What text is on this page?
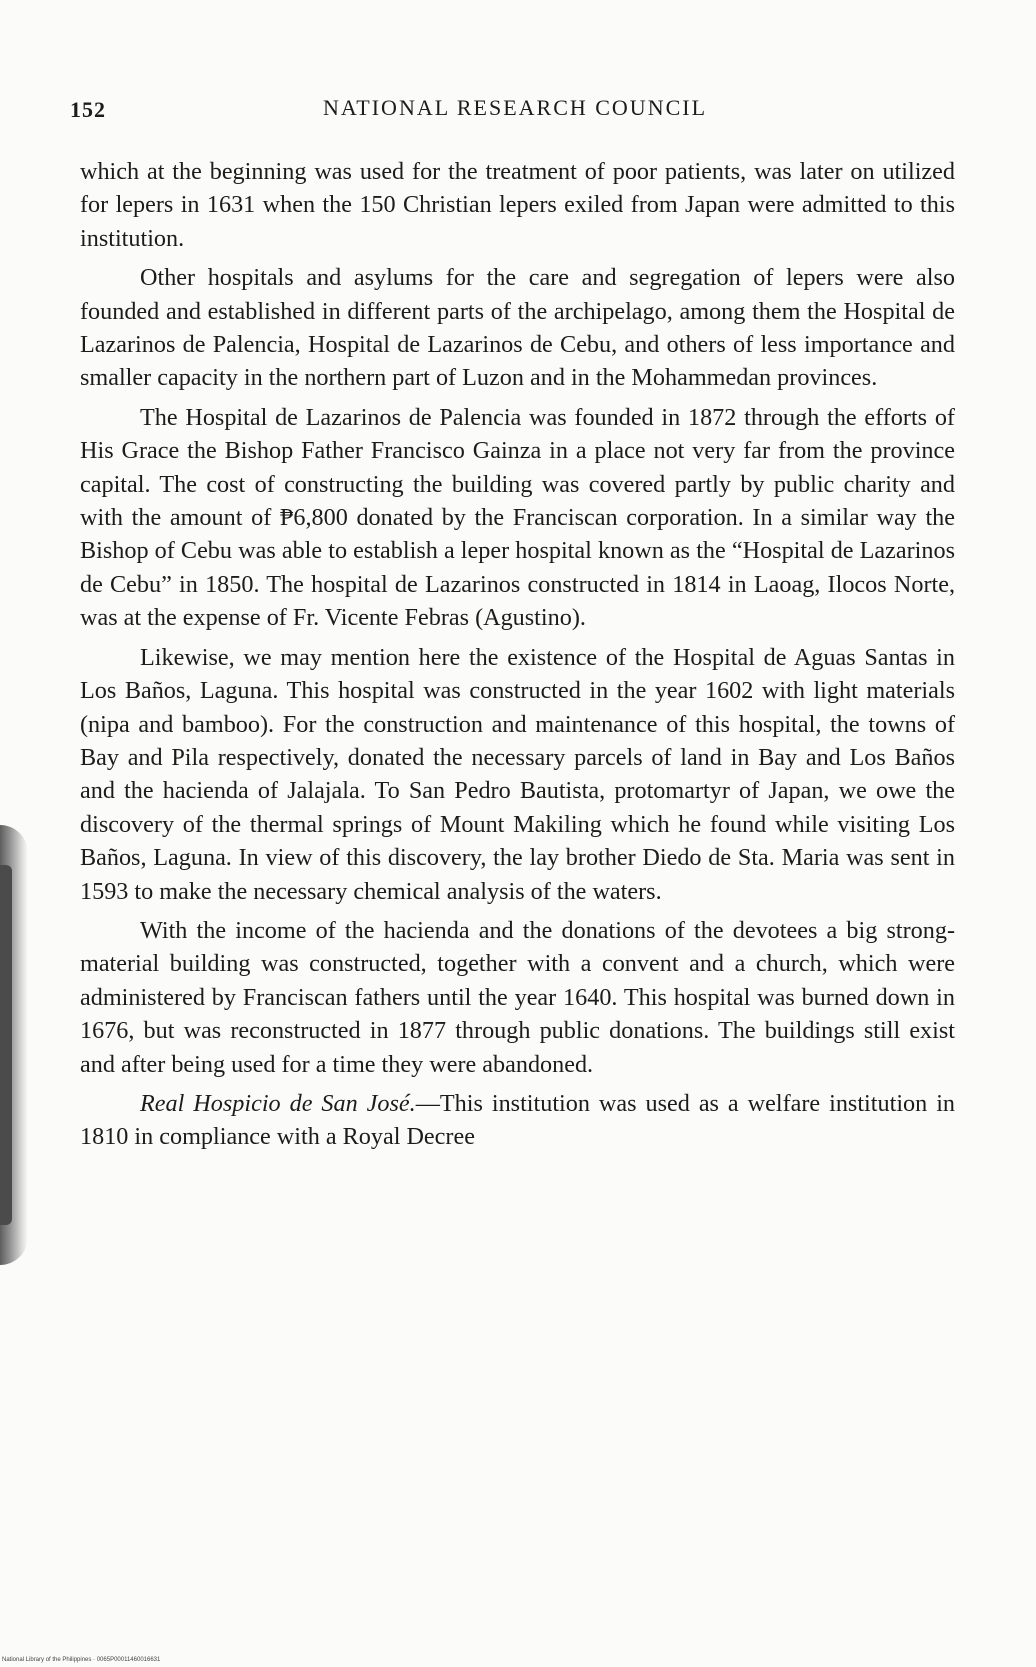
152	NATIONAL RESEARCH COUNCIL

which at the beginning was used for the treatment of poor patients, was later on utilized for lepers in 1631 when the 150 Christian lepers exiled from Japan were admitted to this institution.

Other hospitals and asylums for the care and segregation of lepers were also founded and established in different parts of the archipelago, among them the Hospital de Lazarinos de Palencia, Hospital de Lazarinos de Cebu, and others of less importance and smaller capacity in the northern part of Luzon and in the Mohammedan provinces.

The Hospital de Lazarinos de Palencia was founded in 1872 through the efforts of His Grace the Bishop Father Francisco Gainza in a place not very far from the province capital. The cost of constructing the building was covered partly by public charity and with the amount of ₱6,800 donated by the Franciscan corporation. In a similar way the Bishop of Cebu was able to establish a leper hospital known as the “Hospital de Lazarinos de Cebu” in 1850. The hospital de Lazarinos constructed in 1814 in Laoag, Ilocos Norte, was at the expense of Fr. Vicente Febras (Agustino).

Likewise, we may mention here the existence of the Hospital de Aguas Santas in Los Baños, Laguna. This hospital was constructed in the year 1602 with light materials (nipa and bamboo). For the construction and maintenance of this hospital, the towns of Bay and Pila respectively, donated the necessary parcels of land in Bay and Los Baños and the hacienda of Jalajala. To San Pedro Bautista, protomartyr of Japan, we owe the discovery of the thermal springs of Mount Makiling which he found while visiting Los Baños, Laguna. In view of this discovery, the lay brother Diedo de Sta. Maria was sent in 1593 to make the necessary chemical analysis of the waters.

With the income of the hacienda and the donations of the devotees a big strong-material building was constructed, together with a convent and a church, which were administered by Franciscan fathers until the year 1640. This hospital was burned down in 1676, but was reconstructed in 1877 through public donations. The buildings still exist and after being used for a time they were abandoned.

Real Hospicio de San José.—This institution was used as a welfare institution in 1810 in compliance with a Royal Decree

National Library of the Philippines · 0065P00011460016631
